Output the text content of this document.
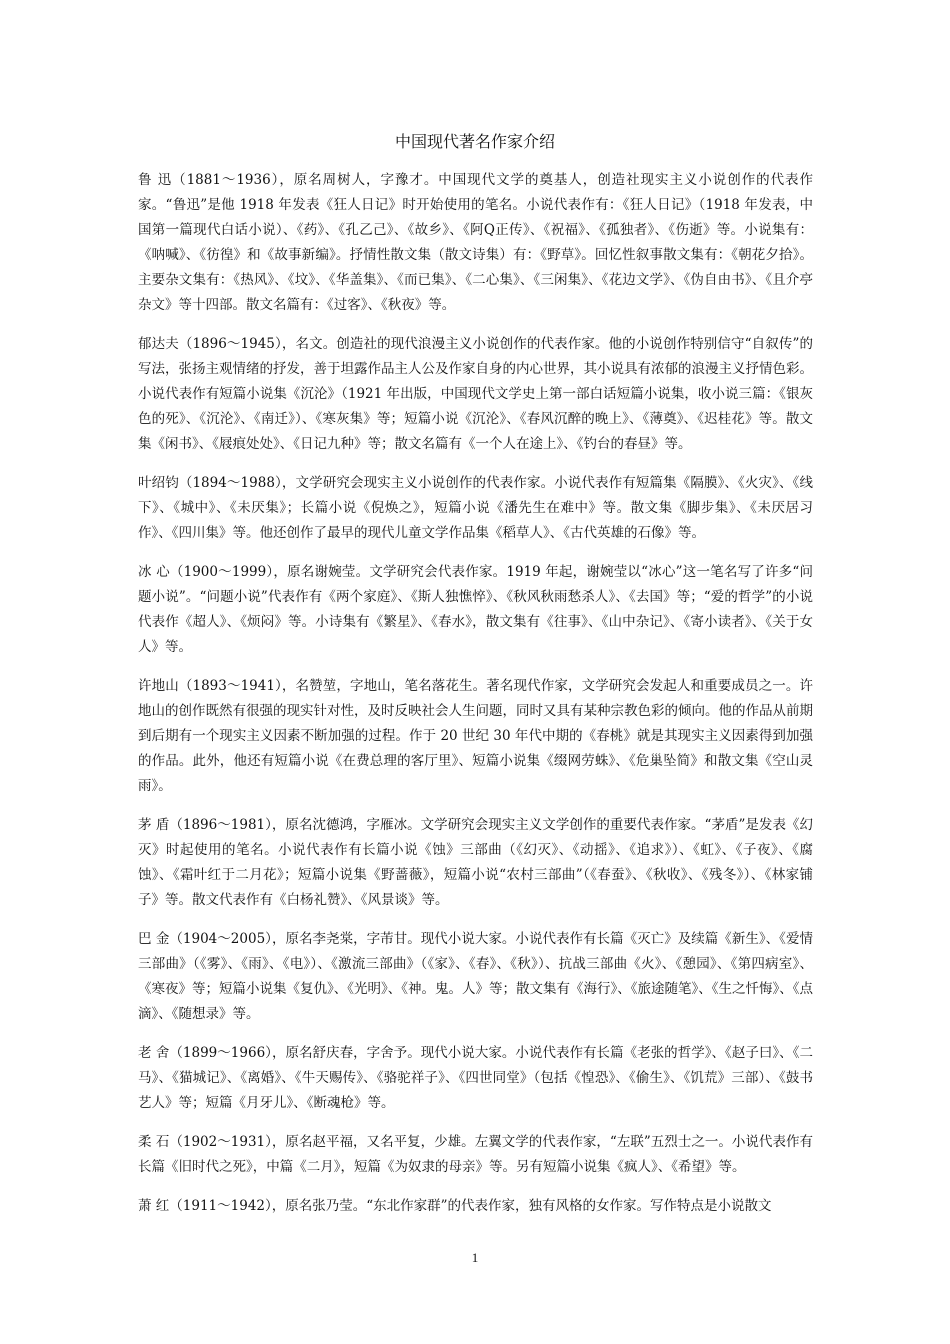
中国现代著名作家介绍

鲁 迅（1881～1936），原名周树人，字豫才。中国现代文学的奠基人，创造社现实主义小说创作的代表作家。“鲁迅”是他 1918 年发表《狂人日记》时开始使用的笔名。小说代表作有：《狂人日记》（1918 年发表，中国第一篇现代白话小说）、《药》、《孔乙己》、《故乡》、《阿Q正传》、《祝福》、《孤独者》、《伤逝》等。小说集有：《呐喊》、《彷徨》和《故事新编》。抒情性散文集（散文诗集）有：《野草》。回忆性叙事散文集有：《朝花夕拾》。主要杂文集有：《热风》、《坟》、《华盖集》、《而已集》、《二心集》、《三闲集》、《花边文学》、《伪自由书》、《且介亭杂文》等十四部。散文名篇有：《过客》、《秋夜》等。

郁达夫（1896～1945），名文。创造社的现代浪漫主义小说创作的代表作家。他的小说创作特别信守“自叙传”的写法，张扬主观情绪的抒发，善于坦露作品主人公及作家自身的内心世界，其小说具有浓郁的浪漫主义抒情色彩。小说代表作有短篇小说集《沉沦》（1921 年出版，中国现代文学史上第一部白话短篇小说集，收小说三篇：《银灰色的死》、《沉沦》、《南迁》）、《寒灰集》等；短篇小说《沉沦》、《春风沉醉的晚上》、《薄奠》、《迟桂花》等。散文集《闲书》、《屐痕处处》、《日记九种》等；散文名篇有《一个人在途上》、《钓台的春昼》等。

叶绍钧（1894～1988），文学研究会现实主义小说创作的代表作家。小说代表作有短篇集《隔膜》、《火灾》、《线下》、《城中》、《未厌集》；长篇小说《倪焕之》，短篇小说《潘先生在难中》等。散文集《脚步集》、《未厌居习作》、《四川集》等。他还创作了最早的现代儿童文学作品集《稻草人》、《古代英雄的石像》等。

冰 心（1900～1999），原名谢婉莹。文学研究会代表作家。1919 年起，谢婉莹以“冰心”这一笔名写了许多“问题小说”。“问题小说”代表作有《两个家庭》、《斯人独憔悴》、《秋风秋雨愁杀人》、《去国》等；“爱的哲学”的小说代表作《超人》、《烦闷》等。小诗集有《繁星》、《春水》，散文集有《往事》、《山中杂记》、《寄小读者》、《关于女人》等。

许地山（1893～1941），名赞堃，字地山，笔名落花生。著名现代作家，文学研究会发起人和重要成员之一。许地山的创作既然有很强的现实针对性，及时反映社会人生问题，同时又具有某种宗教色彩的倾向。他的作品从前期到后期有一个现实主义因素不断加强的过程。作于 20 世纪 30 年代中期的《春桃》就是其现实主义因素得到加强的作品。此外，他还有短篇小说《在费总理的客厅里》、短篇小说集《缀网劳蛛》、《危巢坠简》和散文集《空山灵雨》。

茅 盾（1896～1981），原名沈德鸿，字雁冰。文学研究会现实主义文学创作的重要代表作家。“茅盾”是发表《幻灭》时起使用的笔名。小说代表作有长篇小说《蚀》三部曲（《幻灭》、《动摇》、《追求》）、《虹》、《子夜》、《腐蚀》、《霜叶红于二月花》；短篇小说集《野蔷薇》，短篇小说“农村三部曲”（《春蚕》、《秋收》、《残冬》）、《林家铺子》等。散文代表作有《白杨礼赞》、《风景谈》等。

巴 金（1904～2005），原名李尧棠，字芾甘。现代小说大家。小说代表作有长篇《灭亡》及续篇《新生》、《爱情三部曲》（《雾》、《雨》、《电》）、《激流三部曲》（《家》、《春》、《秋》）、抗战三部曲《火》、《憩园》、《第四病室》、《寒夜》等；短篇小说集《复仇》、《光明》、《神。鬼。人》等；散文集有《海行》、《旅途随笔》、《生之忏悔》、《点滴》、《随想录》等。

老 舍（1899～1966），原名舒庆春，字舍予。现代小说大家。小说代表作有长篇《老张的哲学》、《赵子曰》、《二马》、《猫城记》、《离婚》、《牛天赐传》、《骆驼祥子》、《四世同堂》（包括《惶恐》、《偷生》、《饥荒》三部）、《鼓书艺人》等；短篇《月牙儿》、《断魂枪》等。

柔 石（1902～1931），原名赵平福，又名平复，少雄。左翼文学的代表作家，“左联”五烈士之一。小说代表作有长篇《旧时代之死》，中篇《二月》，短篇《为奴隶的母亲》等。另有短篇小说集《疯人》、《希望》等。

萧 红（1911～1942），原名张乃莹。“东北作家群”的代表作家，独有风格的女作家。写作特点是小说散文

1
